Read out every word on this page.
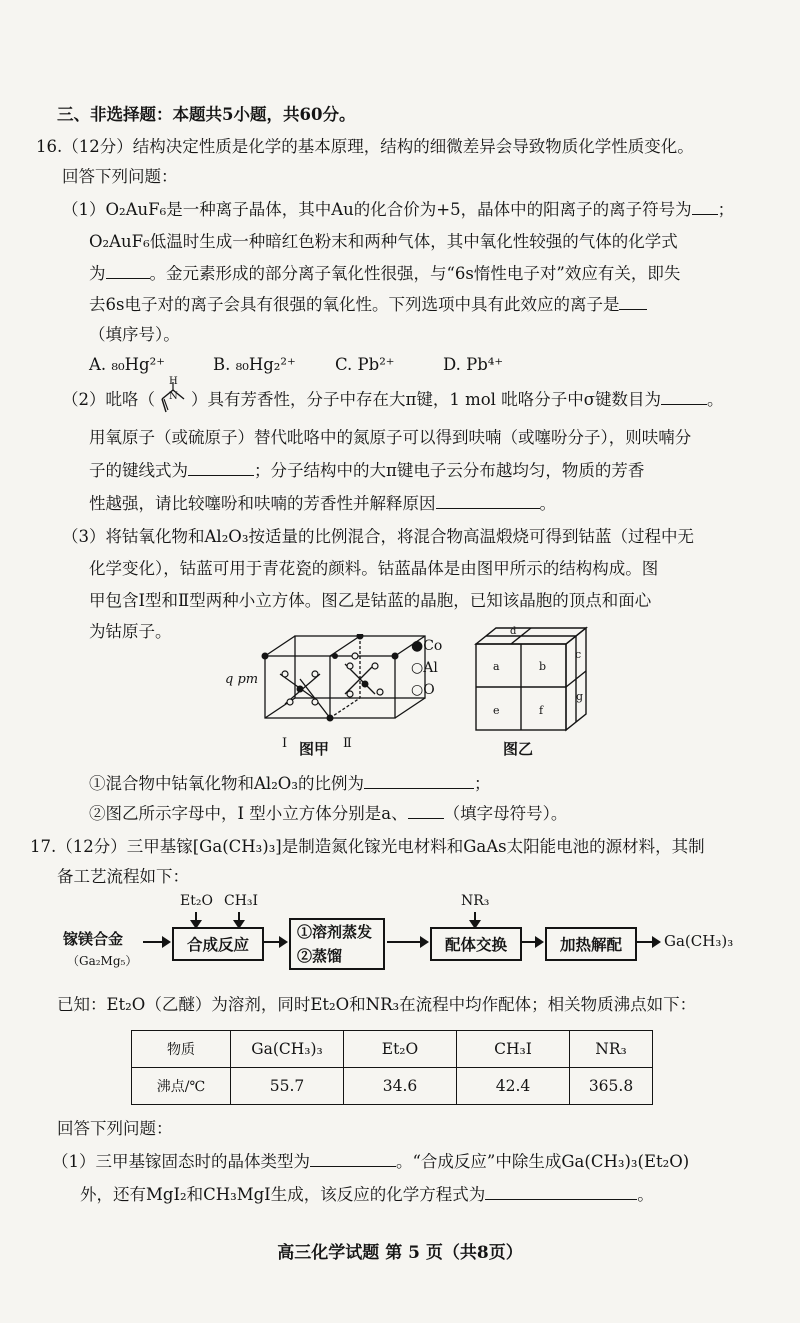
三、非选择题：本题共5小题，共60分。
16.（12分）结构决定性质是化学的基本原理，结构的细微差异会导致物质化学性质变化。
回答下列问题：
（1）O₂AuF₆是一种离子晶体，其中Au的化合价为+5，晶体中的阳离子的离子符号为 ；
O₂AuF₆低温时生成一种暗红色粉末和两种气体，其中氧化性较强的气体的化学式
为	。金元素形成的部分离子氧化性很强，与“6s惰性电子对”效应有关，即失
去6s电子对的离子会具有很强的氧化性。下列选项中具有此效应的离子是
（填序号）。
A. ₈₀Hg²⁺	B. ₈₀Hg₂²⁺ C. Pb²⁺	D. Pb⁴⁺
（2）吡咯（
H
N ）具有芳香性，分子中存在大π键，1 mol 吡咯分子中σ键数目为	。
用氧原子（或硫原子）替代吡咯中的氮原子可以得到呋喃（或噻吩分子），则呋喃分
子的键线式为	；分子结构中的大π键电子云分布越均匀，物质的芳香
性越强，请比较噻吩和呋喃的芳香性并解释原因	。
（3）将钴氧化物和Al₂O₃按适量的比例混合，将混合物高温煅烧可得到钴蓝（过程中无
化学变化），钴蓝可用于青花瓷的颜料。钴蓝晶体是由图甲所示的结构构成。图
甲包含Ⅰ型和Ⅱ型两种小立方体。图乙是钴蓝的晶胞，已知该晶胞的顶点和面心
为钴原子。
q pm
Ⅰ	Ⅱ
●Co
○Al
○O
图甲
a	b
c
d
e	f
g
图乙
①混合物中钴氧化物和Al₂O₃的比例为	；
②图乙所示字母中，Ⅰ 型小立方体分别是a、 （填字母符号）。
17.（12分）三甲基镓[Ga(CH₃)₃]是制造氮化镓光电材料和GaAs太阳能电池的源材料，其制
备工艺流程如下：
镓镁合金
（Ga₂Mg₅）
Et₂O CH₃I
合成反应
①溶剂蒸发
②蒸馏
NR₃
配体交换	加热解配	Ga(CH₃)₃
已知：Et₂O（乙醚）为溶剂，同时Et₂O和NR₃在流程中均作配体；相关物质沸点如下：
物质	Ga(CH₃)₃	Et₂O	CH₃I	NR₃
沸点/℃	55.7	34.6	42.4	365.8
回答下列问题：
（1）三甲基镓固态时的晶体类型为	。“合成反应”中除生成Ga(CH₃)₃(Et₂O)
外，还有MgI₂和CH₃MgI生成，该反应的化学方程式为	。
高三化学试题 第 5 页（共8页）
